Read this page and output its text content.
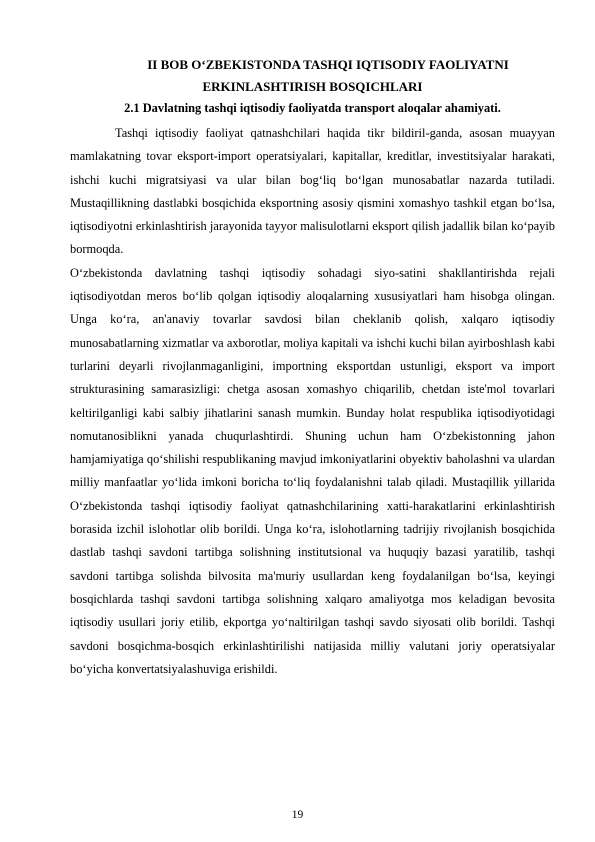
II BOB O‘ZBEKISTONDA TASHQI IQTISODIY FAOLIYATNI
ERKINLASHTIRISH BOSQICHLARI
2.1 Davlatning tashqi iqtisodiy faoliyatda transport aloqalar ahamiyati.
Tashqi iqtisodiy faoliyat qatnashchilari haqida tikr bildiril-ganda, asosan muayyan mamlakatning tovar eksport-import operatsiyalari, kapitallar, kreditlar, investitsiyalar harakati, ishchi kuchi migratsiyasi va ular bilan bog‘liq bo‘lgan munosabatlar nazarda tutiladi. Mustaqillikning dastlabki bosqichida eksportning asosiy qismini xomashyo tashkil etgan bo‘lsa, iqtisodiyotni erkinlashtirish jarayonida tayyor malisulotlarni eksport qilish jadallik bilan ko‘payib bormoqda.
O‘zbekistonda davlatning tashqi iqtisodiy sohadagi siyo-satini shakllantirishda rejali iqtisodiyotdan meros bo‘lib qolgan iqtisodiy aloqalarning xususiyatlari ham hisobga olingan. Unga ko‘ra, an'anaviy tovarlar savdosi bilan cheklanib qolish, xalqaro iqtisodiy munosabatlarning xizmatlar va axborotlar, moliya kapitali va ishchi kuchi bilan ayirboshlash kabi turlarini deyarli rivojlanmaganligini, importning eksportdan ustunligi, eksport va import strukturasining samarasizligi: chetga asosan xomashyo chiqarilib, chetdan iste'mol tovarlari keltirilganligi kabi salbiy jihatlarini sanash mumkin. Bunday holat respublika iqtisodiyotidagi nomutanosiblikni yanada chuqurlashtirdi. Shuning uchun ham O‘zbekistonning jahon hamjamiyatiga qo‘shilishi respublikaning mavjud imkoniyatlarini obyektiv baholashni va ulardan milliy manfaatlar yo‘lida imkoni boricha to‘liq foydalanishni talab qiladi. Mustaqillik yillarida O‘zbekistonda tashqi iqtisodiy faoliyat qatnashchilarining xatti-harakatlarini erkinlashtirish borasida izchil islohotlar olib borildi. Unga ko‘ra, islohotlarning tadrijiy rivojlanish bosqichida dastlab tashqi savdoni tartibga solishning institutsional va huquqiy bazasi yaratilib, tashqi savdoni tartibga solishda bilvosita ma'muriy usullardan keng foydalanilgan bo‘lsa, keyingi bosqichlarda tashqi savdoni tartibga solishning xalqaro amaliyotga mos keladigan bevosita iqtisodiy usullari joriy etilib, ekportga yo‘naltirilgan tashqi savdo siyosati olib borildi. Tashqi savdoni bosqichma-bosqich erkinlashtirilishi natijasida milliy valutani joriy operatsiyalar bo‘yicha konvertatsiyalashuviga erishildi.
19
